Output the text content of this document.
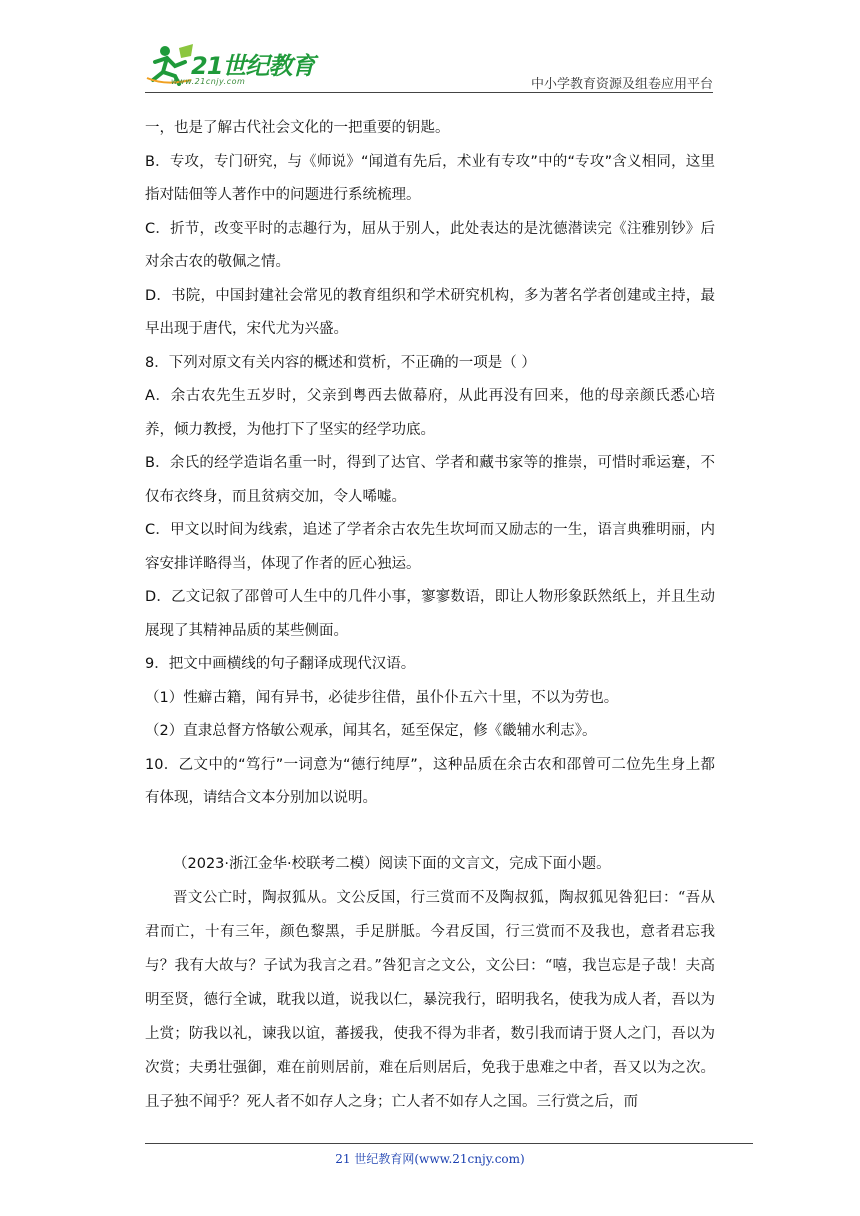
21世纪教育
www.21cnjy.com	中小学教育资源及组卷应用平台

一，也是了解古代社会文化的一把重要的钥匙。

B．专攻，专门研究，与《师说》“闻道有先后，术业有专攻”中的“专攻”含义相同，这里指对陆佃等人著作中的问题进行系统梳理。

C．折节，改变平时的志趣行为，屈从于别人，此处表达的是沈德潜读完《注雅别钞》后对余古农的敬佩之情。

D．书院，中国封建社会常见的教育组织和学术研究机构，多为著名学者创建或主持，最早出现于唐代，宋代尤为兴盛。

8．下列对原文有关内容的概述和赏析，不正确的一项是（ ）

A．余古农先生五岁时，父亲到粤西去做幕府，从此再没有回来，他的母亲颜氏悉心培养，倾力教授，为他打下了坚实的经学功底。

B．余氏的经学造诣名重一时，得到了达官、学者和藏书家等的推崇，可惜时乖运蹇，不仅布衣终身，而且贫病交加，令人唏嘘。

C．甲文以时间为线索，追述了学者余古农先生坎坷而又励志的一生，语言典雅明丽，内容安排详略得当，体现了作者的匠心独运。

D．乙文记叙了邵曾可人生中的几件小事，寥寥数语，即让人物形象跃然纸上，并且生动展现了其精神品质的某些侧面。

9．把文中画横线的句子翻译成现代汉语。

（1）性癖古籍，闻有异书，必徒步往借，虽仆仆五六十里，不以为劳也。

（2）直隶总督方恪敏公观承，闻其名，延至保定，修《畿辅水利志》。

10．乙文中的“笃行”一词意为“德行纯厚”，这种品质在余古农和邵曾可二位先生身上都有体现，请结合文本分别加以说明。

（2023·浙江金华·校联考二模）阅读下面的文言文，完成下面小题。

晋文公亡时，陶叔狐从。文公反国，行三赏而不及陶叔狐，陶叔狐见咎犯曰：“吾从君而亡，十有三年，颜色黎黑，手足胼胝。今君反国，行三赏而不及我也，意者君忘我与？我有大故与？子试为我言之君。”咎犯言之文公，文公曰：“嘻，我岂忘是子哉！夫高明至贤，德行全诚，耽我以道，说我以仁，暴浣我行，昭明我名，使我为成人者，吾以为上赏；防我以礼，谏我以谊，蕃援我，使我不得为非者，数引我而请于贤人之门，吾以为次赏；夫勇壮强御，难在前则居前，难在后则居后，免我于患难之中者，吾又以为之次。且子独不闻乎？死人者不如存人之身；亡人者不如存人之国。三行赏之后，而

21 世纪教育网(www.21cnjy.com)
